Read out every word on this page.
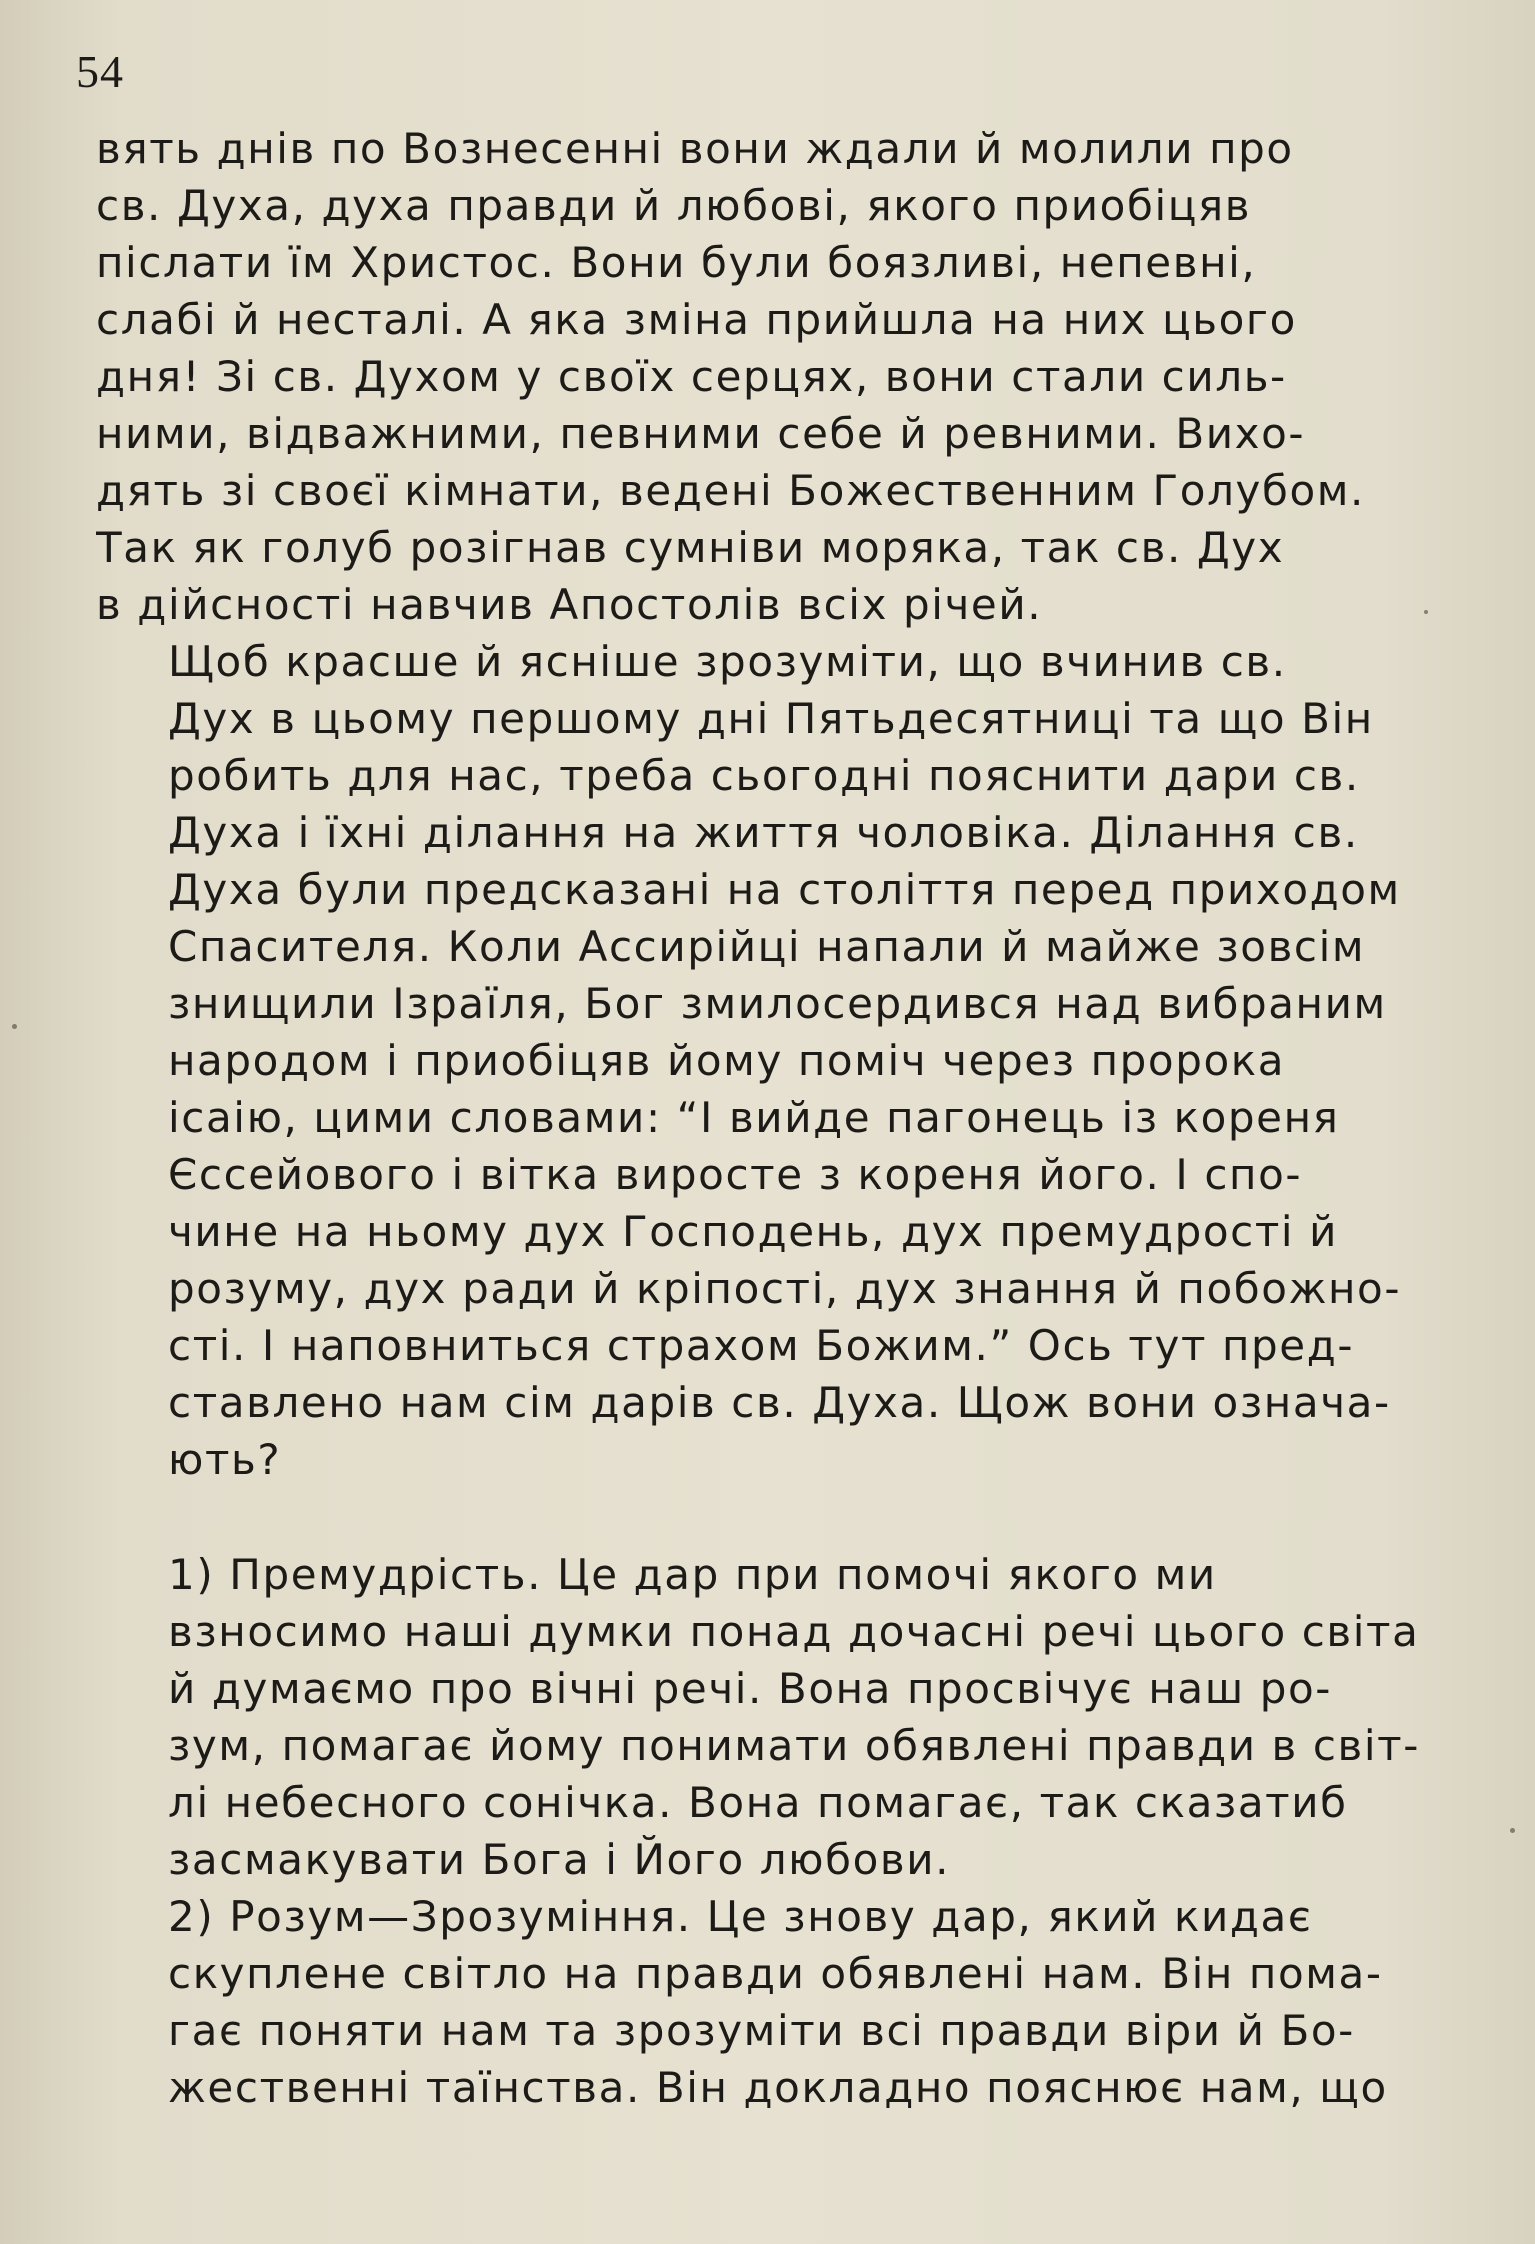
54

вять днів по Вознесенні вони ждали й молили про
св. Духа, духа правди й любові, якого приобіцяв
післати їм Христос. Вони були боязливі, непевні,
слабі й несталі. А яка зміна прийшла на них цього
дня! Зі св. Духом у своїх серцях, вони стали силь-
ними, відважними, певними себе й ревними. Вихо-
дять зі своєї кімнати, ведені Божественним Голубом.
Так як голуб розігнав сумніви моряка, так св. Дух
в дійсності навчив Апостолів всіх річей.

Щоб красше й ясніше зрозуміти, що вчинив св.
Дух в цьому першому дні Пятьдесятниці та що Він
робить для нас, треба сьогодні пояснити дари св.
Духа і їхні ділання на життя чоловіка. Ділання св.
Духа були предсказані на століття перед приходом
Спасителя. Коли Ассирійці напали й майже зовсім
знищили Ізраїля, Бог змилосердився над вибраним
народом і приобіцяв йому поміч через пророка
ісаію, цими словами: “І вийде пагонець із кореня
Єссейового і вітка виросте з кореня його. І спо-
чине на ньому дух Господень, дух премудрості й
розуму, дух ради й кріпості, дух знання й побожно-
сті. І наповниться страхом Божим.” Ось тут пред-
ставлено нам сім дарів св. Духа. Щож вони означа-
ють?

1) Премудрість. Це дар при помочі якого ми
взносимо наші думки понад дочасні речі цього світа
й думаємо про вічні речі. Вона просвічує наш ро-
зум, помагає йому понимати обявлені правди в світ-
лі небесного сонічка. Вона помагає, так сказатиб
засмакувати Бога і Його любови.

2) Розум—Зрозуміння. Це знову дар, який кидає
скуплене світло на правди обявлені нам. Він пома-
гає поняти нам та зрозуміти всі правди віри й Бо-
жественні таїнства. Він докладно пояснює нам, що
